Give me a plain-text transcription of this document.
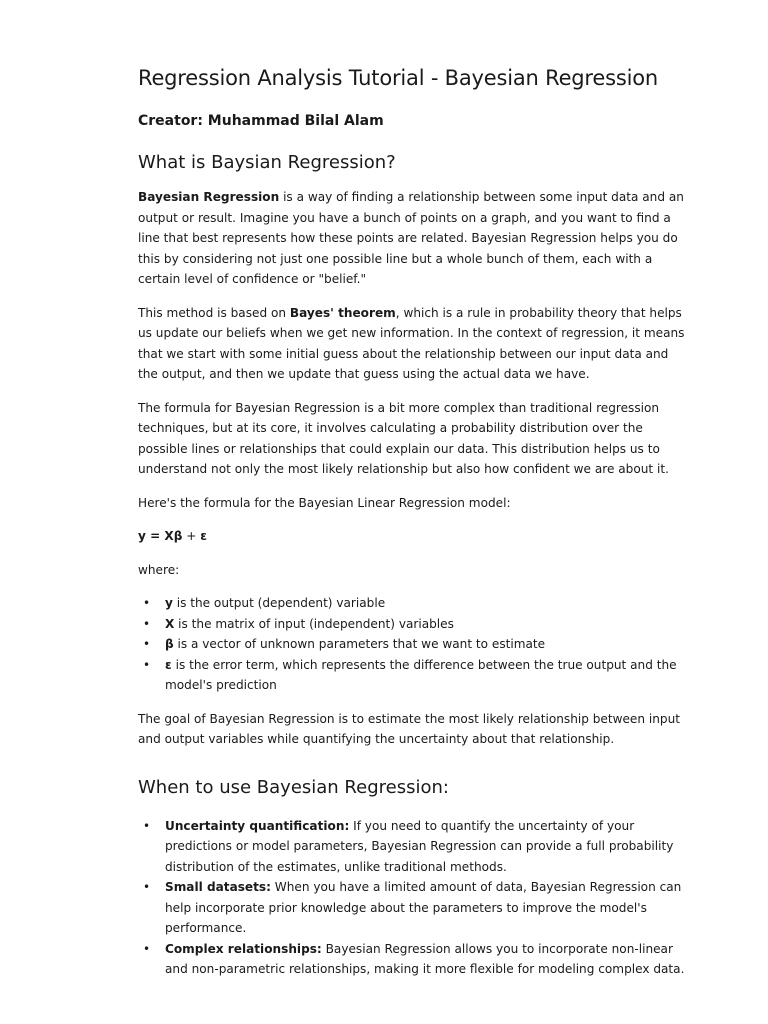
Regression Analysis Tutorial - Bayesian Regression
Creator: Muhammad Bilal Alam
What is Baysian Regression?

Bayesian Regression is a way of finding a relationship between some input data and an output or result. Imagine you have a bunch of points on a graph, and you want to find a line that best represents how these points are related. Bayesian Regression helps you do this by considering not just one possible line but a whole bunch of them, each with a certain level of confidence or "belief."

This method is based on Bayes' theorem, which is a rule in probability theory that helps us update our beliefs when we get new information. In the context of regression, it means that we start with some initial guess about the relationship between our input data and the output, and then we update that guess using the actual data we have.

The formula for Bayesian Regression is a bit more complex than traditional regression techniques, but at its core, it involves calculating a probability distribution over the possible lines or relationships that could explain our data. This distribution helps us to understand not only the most likely relationship but also how confident we are about it.

Here's the formula for the Bayesian Linear Regression model:

y = Xβ + ε

where:

• y is the output (dependent) variable
• X is the matrix of input (independent) variables
• β is a vector of unknown parameters that we want to estimate
• ε is the error term, which represents the difference between the true output and the model's prediction

The goal of Bayesian Regression is to estimate the most likely relationship between input and output variables while quantifying the uncertainty about that relationship.

When to use Bayesian Regression:
• Uncertainty quantification: If you need to quantify the uncertainty of your predictions or model parameters, Bayesian Regression can provide a full probability distribution of the estimates, unlike traditional methods.
• Small datasets: When you have a limited amount of data, Bayesian Regression can help incorporate prior knowledge about the parameters to improve the model's performance.
• Complex relationships: Bayesian Regression allows you to incorporate non-linear and non-parametric relationships, making it more flexible for modeling complex data.
